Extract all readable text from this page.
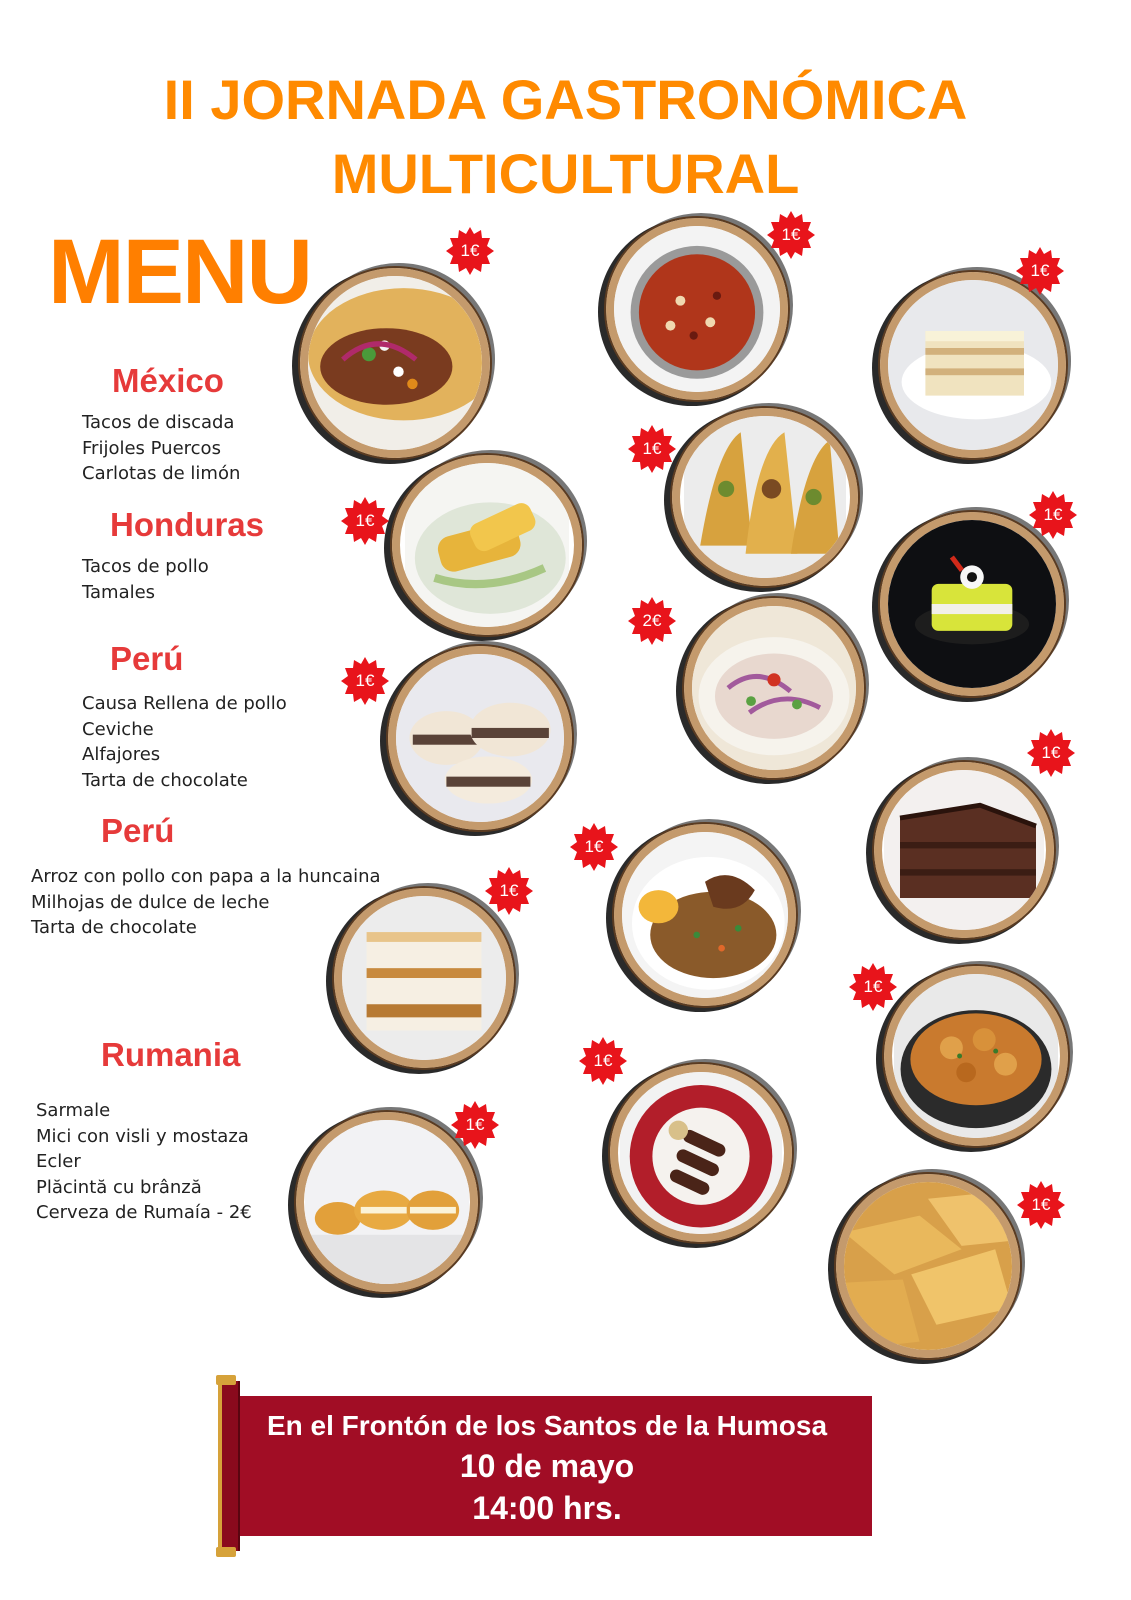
II JORNADA GASTRONÓMICA
MULTICULTURAL
MENU
México
Tacos de discada
Frijoles Puercos
Carlotas de limón
Honduras
Tacos de pollo
Tamales
Perú
Causa Rellena de pollo
Ceviche
Alfajores
Tarta de chocolate
Perú
Arroz con pollo con papa a la huncaina
Milhojas de dulce de leche
Tarta de chocolate
Rumania
Sarmale
Mici con visli y mostaza
Ecler
Plăcintă cu brânză
Cerveza de Rumaía - 2€
1€
1€
1€
1€
1€
1€
2€
1€
1€
1€
1€
1€
1€
1€
1€

En el Frontón de los Santos de la Humosa

10 de mayo

14:00 hrs.
